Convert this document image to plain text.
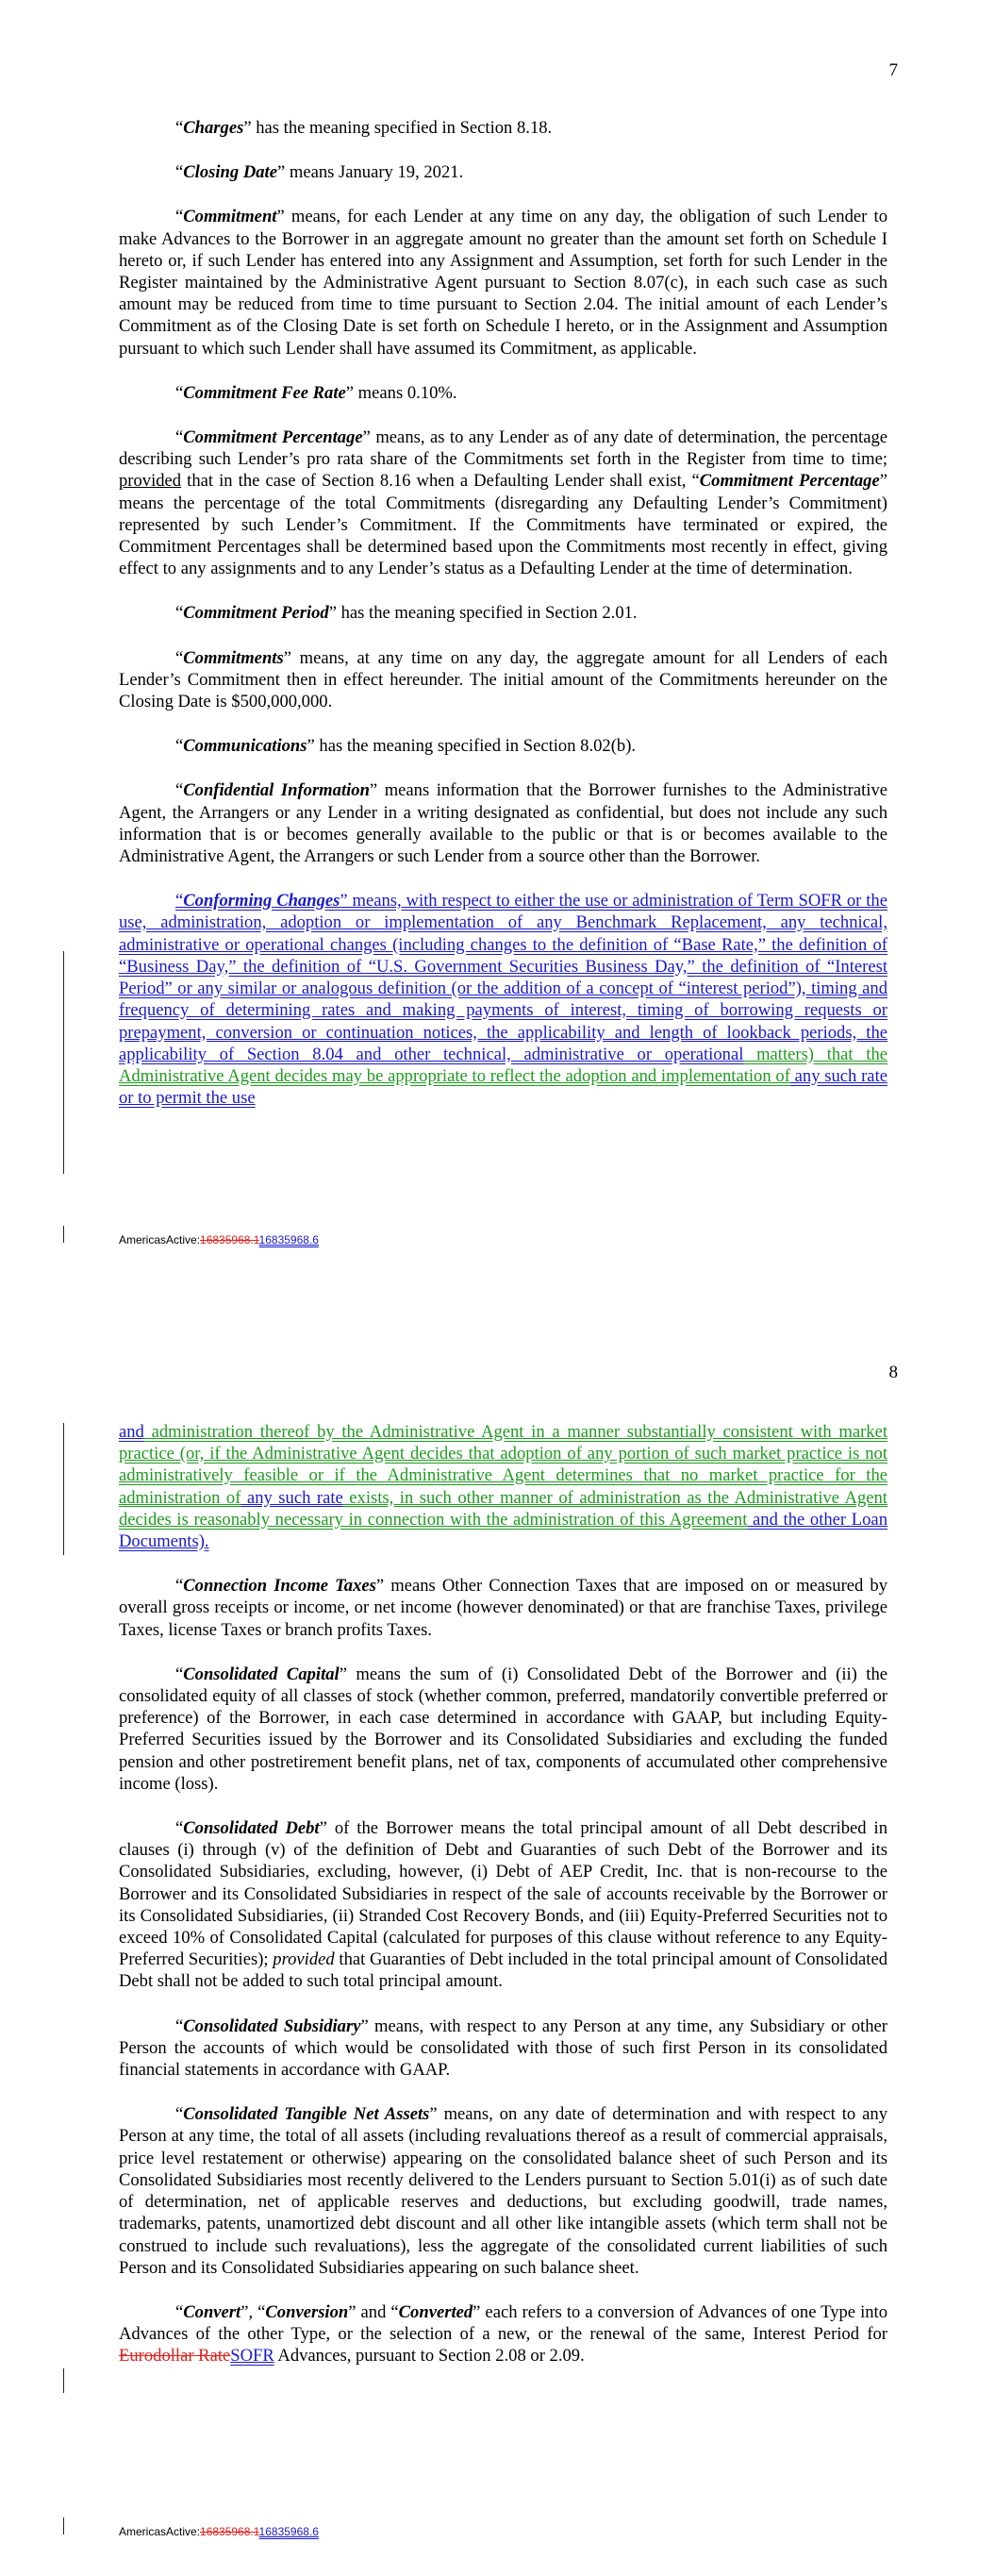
7

“Charges” has the meaning specified in Section 8.18.

“Closing Date” means January 19, 2021.

“Commitment” means, for each Lender at any time on any day, the obligation of such Lender to make Advances to the Borrower in an aggregate amount no greater than the amount set forth on Schedule I hereto or, if such Lender has entered into any Assignment and Assumption, set forth for such Lender in the Register maintained by the Administrative Agent pursuant to Section 8.07(c), in each such case as such amount may be reduced from time to time pursuant to Section 2.04. The initial amount of each Lender’s Commitment as of the Closing Date is set forth on Schedule I hereto, or in the Assignment and Assumption pursuant to which such Lender shall have assumed its Commitment, as applicable.

“Commitment Fee Rate” means 0.10%.

“Commitment Percentage” means, as to any Lender as of any date of determination, the percentage describing such Lender’s pro rata share of the Commitments set forth in the Register from time to time; provided that in the case of Section 8.16 when a Defaulting Lender shall exist, “Commitment Percentage” means the percentage of the total Commitments (disregarding any Defaulting Lender’s Commitment) represented by such Lender’s Commitment. If the Commitments have terminated or expired, the Commitment Percentages shall be determined based upon the Commitments most recently in effect, giving effect to any assignments and to any Lender’s status as a Defaulting Lender at the time of determination.

“Commitment Period” has the meaning specified in Section 2.01.

“Commitments” means, at any time on any day, the aggregate amount for all Lenders of each Lender’s Commitment then in effect hereunder. The initial amount of the Commitments hereunder on the Closing Date is $500,000,000.

“Communications” has the meaning specified in Section 8.02(b).

“Confidential Information” means information that the Borrower furnishes to the Administrative Agent, the Arrangers or any Lender in a writing designated as confidential, but does not include any such information that is or becomes generally available to the public or that is or becomes available to the Administrative Agent, the Arrangers or such Lender from a source other than the Borrower.

“Conforming Changes” means, with respect to either the use or administration of Term SOFR or the use, administration, adoption or implementation of any Benchmark Replacement, any technical, administrative or operational changes (including changes to the definition of “Base Rate,” the definition of “Business Day,” the definition of “U.S. Government Securities Business Day,” the definition of “Interest Period” or any similar or analogous definition (or the addition of a concept of “interest period”), timing and frequency of determining rates and making payments of interest, timing of borrowing requests or prepayment, conversion or continuation notices, the applicability and length of lookback periods, the applicability of Section 8.04 and other technical, administrative or operational matters) that the Administrative Agent decides may be appropriate to reflect the adoption and implementation of any such rate or to permit the use

AmericasActive:16835968.116835968.6
8

and administration thereof by the Administrative Agent in a manner substantially consistent with market practice (or, if the Administrative Agent decides that adoption of any portion of such market practice is not administratively feasible or if the Administrative Agent determines that no market practice for the administration of any such rate exists, in such other manner of administration as the Administrative Agent decides is reasonably necessary in connection with the administration of this Agreement and the other Loan Documents).

“Connection Income Taxes” means Other Connection Taxes that are imposed on or measured by overall gross receipts or income, or net income (however denominated) or that are franchise Taxes, privilege Taxes, license Taxes or branch profits Taxes.

“Consolidated Capital” means the sum of (i) Consolidated Debt of the Borrower and (ii) the consolidated equity of all classes of stock (whether common, preferred, mandatorily convertible preferred or preference) of the Borrower, in each case determined in accordance with GAAP, but including Equity-Preferred Securities issued by the Borrower and its Consolidated Subsidiaries and excluding the funded pension and other postretirement benefit plans, net of tax, components of accumulated other comprehensive income (loss).

“Consolidated Debt” of the Borrower means the total principal amount of all Debt described in clauses (i) through (v) of the definition of Debt and Guaranties of such Debt of the Borrower and its Consolidated Subsidiaries, excluding, however, (i) Debt of AEP Credit, Inc. that is non-recourse to the Borrower and its Consolidated Subsidiaries in respect of the sale of accounts receivable by the Borrower or its Consolidated Subsidiaries, (ii) Stranded Cost Recovery Bonds, and (iii) Equity-Preferred Securities not to exceed 10% of Consolidated Capital (calculated for purposes of this clause without reference to any Equity-Preferred Securities); provided that Guaranties of Debt included in the total principal amount of Consolidated Debt shall not be added to such total principal amount.

“Consolidated Subsidiary” means, with respect to any Person at any time, any Subsidiary or other Person the accounts of which would be consolidated with those of such first Person in its consolidated financial statements in accordance with GAAP.

“Consolidated Tangible Net Assets” means, on any date of determination and with respect to any Person at any time, the total of all assets (including revaluations thereof as a result of commercial appraisals, price level restatement or otherwise) appearing on the consolidated balance sheet of such Person and its Consolidated Subsidiaries most recently delivered to the Lenders pursuant to Section 5.01(i) as of such date of determination, net of applicable reserves and deductions, but excluding goodwill, trade names, trademarks, patents, unamortized debt discount and all other like intangible assets (which term shall not be construed to include such revaluations), less the aggregate of the consolidated current liabilities of such Person and its Consolidated Subsidiaries appearing on such balance sheet.

“Convert”, “Conversion” and “Converted” each refers to a conversion of Advances of one Type into Advances of the other Type, or the selection of a new, or the renewal of the same, Interest Period for Eurodollar RateSOFR Advances, pursuant to Section 2.08 or 2.09.

AmericasActive:16835968.116835968.6
